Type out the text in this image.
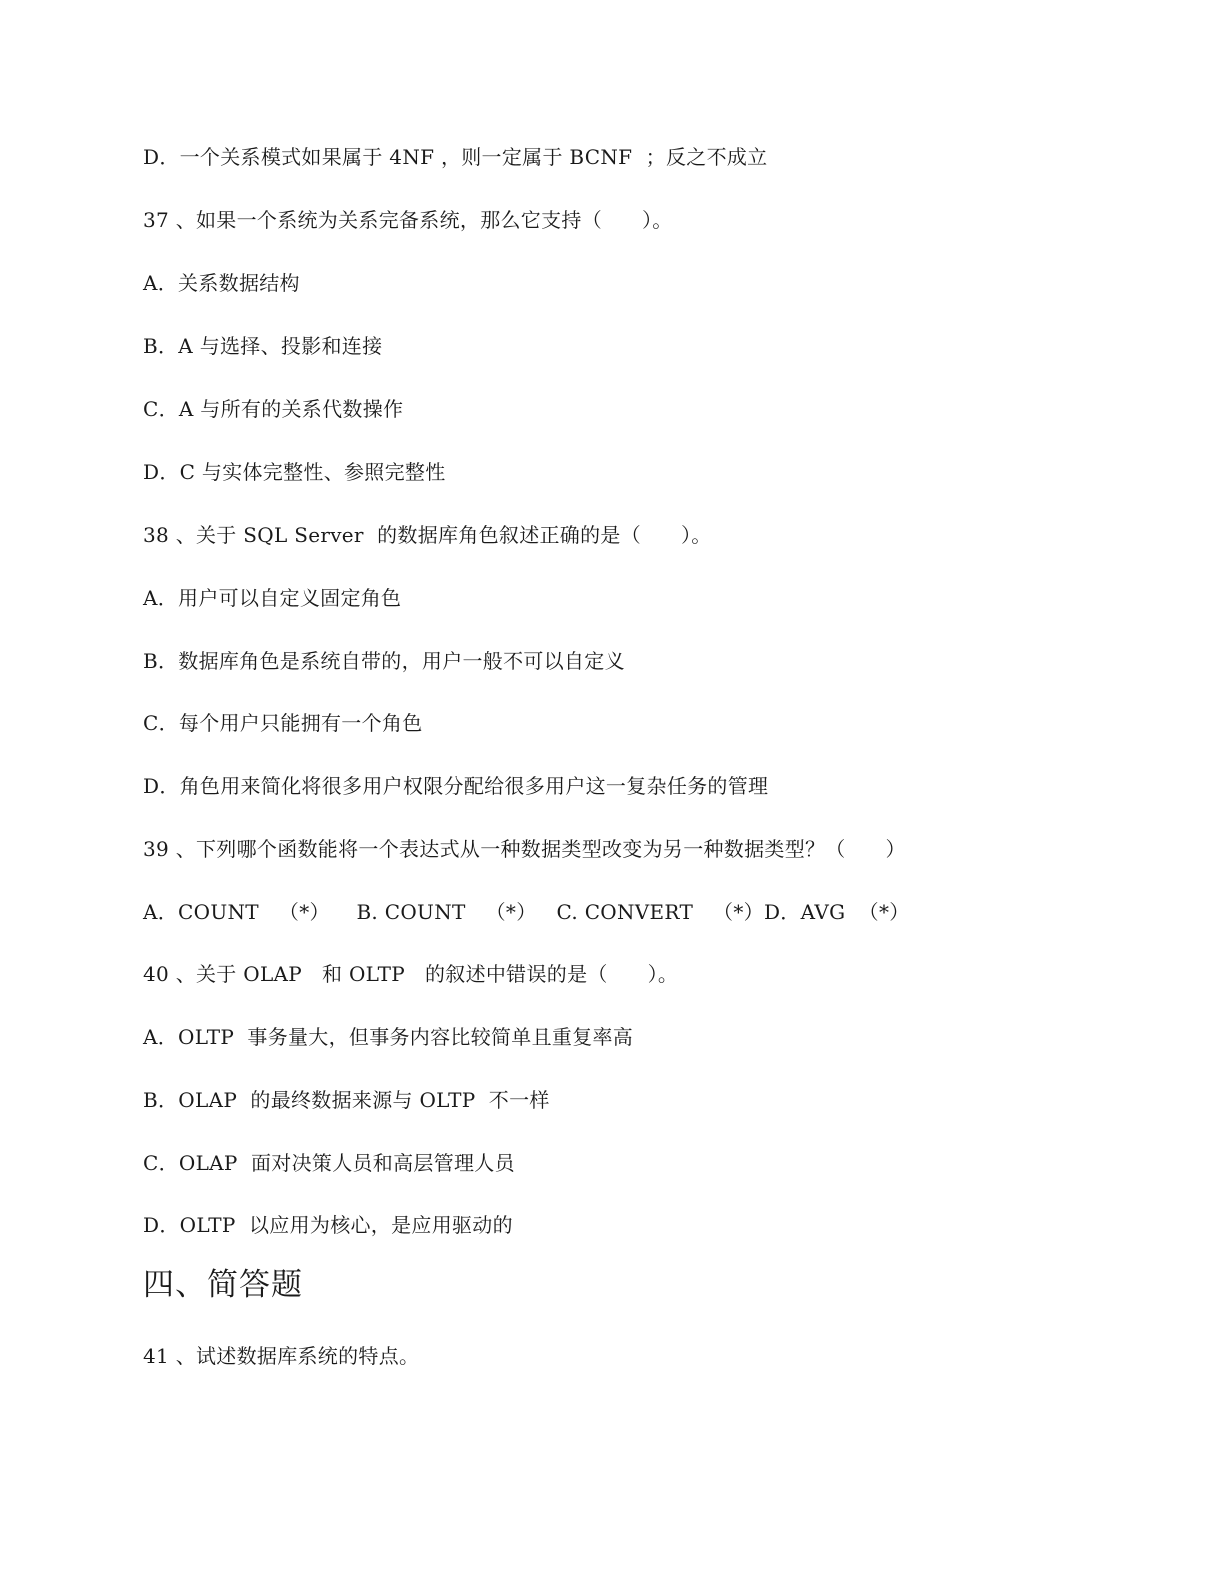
D．一个关系模式如果属于 4NF ，则一定属于 BCNF  ；反之不成立
37 、如果一个系统为关系完备系统，那么它支持（      ）。
A．关系数据结构
B．A 与选择、投影和连接
C．A 与所有的关系代数操作
D．C 与实体完整性、参照完整性
38 、关于 SQL Server  的数据库角色叙述正确的是（      ）。
A．用户可以自定义固定角色
B．数据库角色是系统自带的，用户一般不可以自定义
C．每个用户只能拥有一个角色
D．角色用来简化将很多用户权限分配给很多用户这一复杂任务的管理
39 、下列哪个函数能将一个表达式从一种数据类型改变为另一种数据类型？（      ）
A．COUNT   （*）    B. COUNT   （*）   C. CONVERT   （*）D．AVG  （*）
40 、关于 OLAP   和 OLTP   的叙述中错误的是（      ）。
A．OLTP  事务量大，但事务内容比较简单且重复率高
B．OLAP  的最终数据来源与 OLTP  不一样
C．OLAP  面对决策人员和高层管理人员
D．OLTP  以应用为核心，是应用驱动的
四、简答题
41 、试述数据库系统的特点。
